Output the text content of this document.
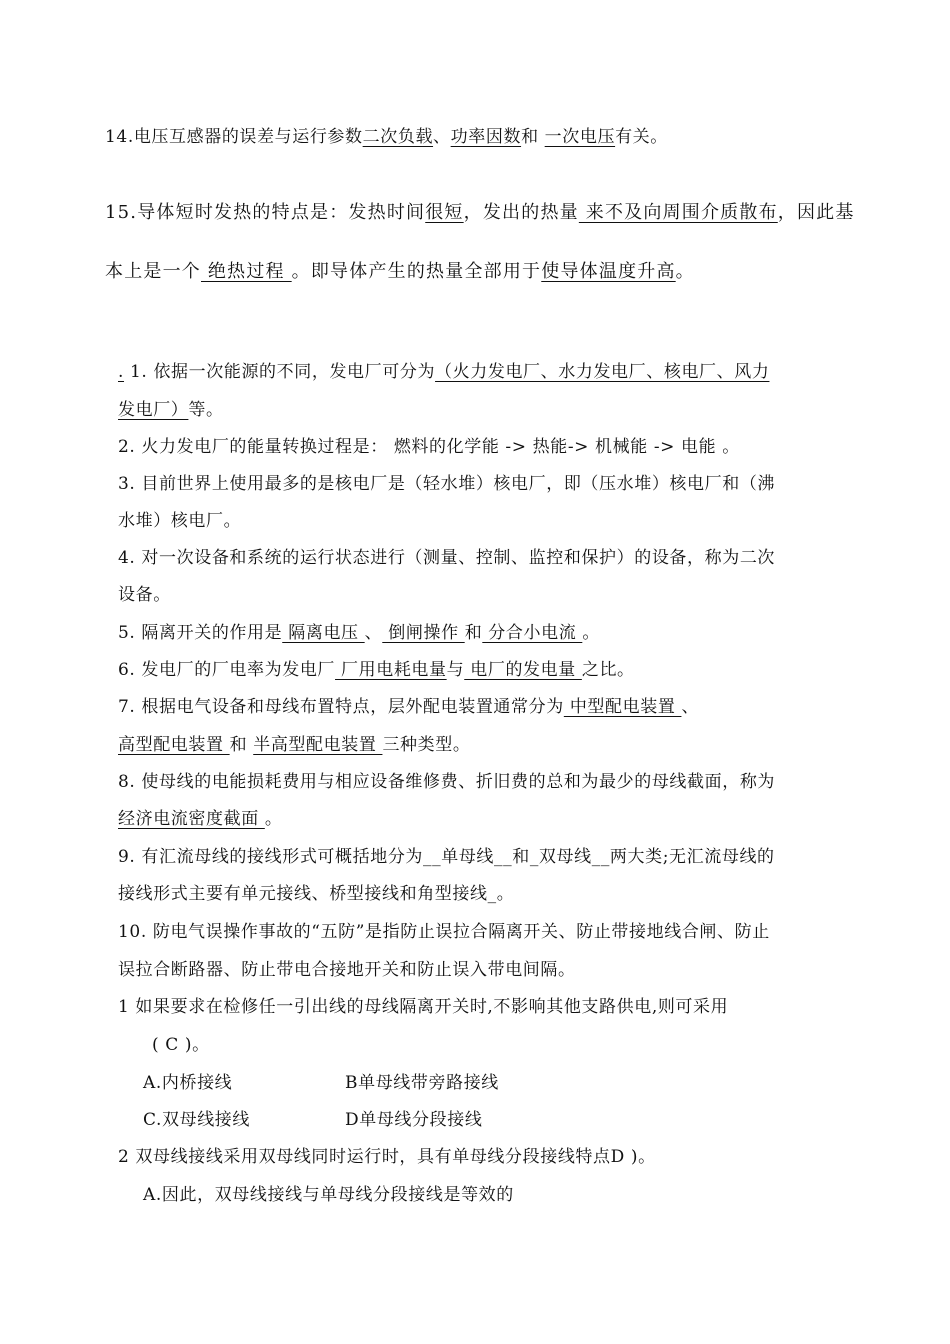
14.电压互感器的误差与运行参数二次负载、功率因数和 一次电压有关。
15.导体短时发热的特点是：发热时间很短，发出的热量 来不及向周围介质散布，因此基
本上是一个 绝热过程 。即导体产生的热量全部用于使导体温度升高。
. 1. 依据一次能源的不同，发电厂可分为（火力发电厂、水力发电厂、核电厂、风力
发电厂）等。
2. 火力发电厂的能量转换过程是： 燃料的化学能 -> 热能-> 机械能 -> 电能 。
3. 目前世界上使用最多的是核电厂是（轻水堆）核电厂，即（压水堆）核电厂和（沸
水堆）核电厂。
4. 对一次设备和系统的运行状态进行（测量、控制、监控和保护）的设备，称为二次
设备。
5. 隔离开关的作用是 隔离电压 、 倒闸操作 和 分合小电流 。
6. 发电厂的厂电率为发电厂 厂用电耗电量与 电厂的发电量 之比。
7. 根据电气设备和母线布置特点，层外配电装置通常分为 中型配电装置 、
高型配电装置 和 半高型配电装置 三种类型。
8. 使母线的电能损耗费用与相应设备维修费、折旧费的总和为最少的母线截面，称为
经济电流密度截面 。
9. 有汇流母线的接线形式可概括地分为__单母线__和_双母线__两大类;无汇流母线的
接线形式主要有单元接线、桥型接线和角型接线_。
10. 防电气误操作事故的“五防”是指防止误拉合隔离开关、防止带接地线合闸、防止
误拉合断路器、防止带电合接地开关和防止误入带电间隔。
1 如果要求在检修任一引出线的母线隔离开关时,不影响其他支路供电,则可采用
( C )。
A.内桥接线	B单母线带旁路接线
C.双母线接线	D单母线分段接线
2 双母线接线采用双母线同时运行时，具有单母线分段接线特点D )。
A.因此，双母线接线与单母线分段接线是等效的
